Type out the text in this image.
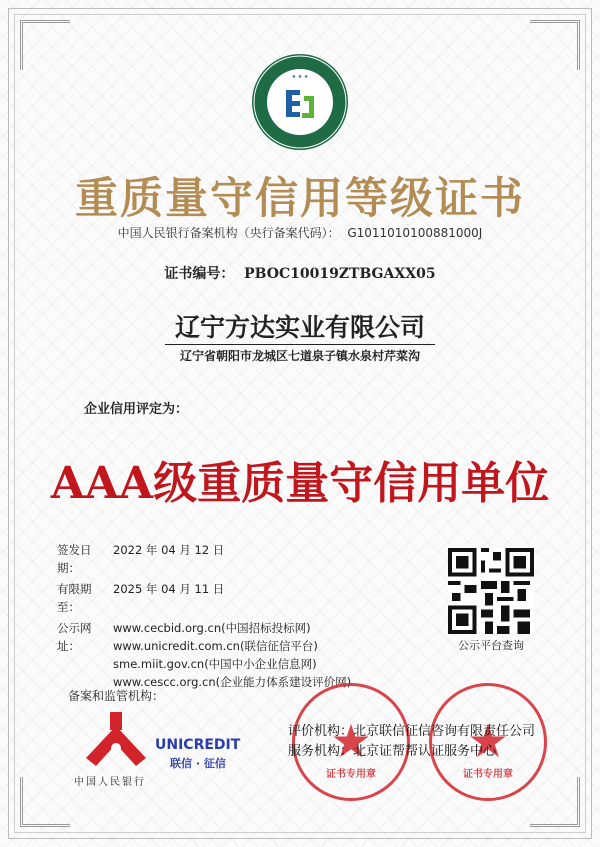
★ ★ ★
重质量守信用等级证书
中国人民银行备案机构（央行备案代码）： G1011010100881000J
证书编号： PBOC10019ZTBGAXX05
辽宁方达实业有限公司
辽宁省朝阳市龙城区七道泉子镇水泉村芹菜沟
企业信用评定为：
AAA级重质量守信用单位
签发日期：
2022 年 04 月 12 日
有限期至：
2025 年 04 月 11 日
公示网址：
www.cecbid.org.cn(中国招标投标网)
www.unicredit.com.cn(联信征信平台)
sme.miit.gov.cn(中国中小企业信息网)
www.cescc.org.cn(企业能力体系建设评价网)
公示平台查询
备案和监管机构：
中国人民银行
UNICREDIT
联信 · 征信	★
证书专用章
★
证书专用章
评价机构：北京联信征信咨询有限责任公司
服务机构：北京证帮帮认证服务中心
